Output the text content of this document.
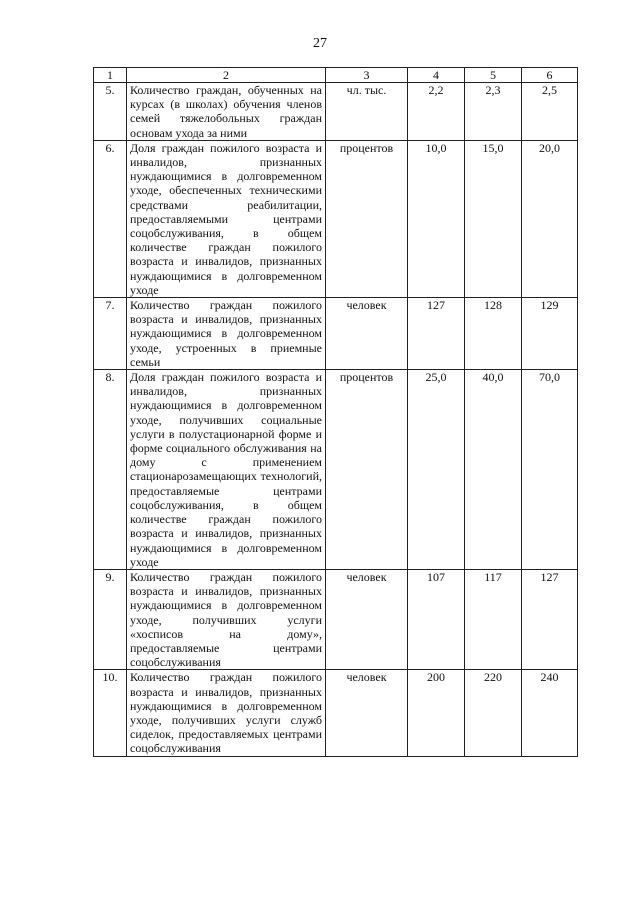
27
1	2	3	4	5	6
5.	Количество граждан, обученных на курсах (в школах) обучения членов семей тяжелобольных граждан основам ухода за ними	чл. тыс.	2,2	2,3	2,5
6.	Доля граждан пожилого возраста и инвалидов, признанных нуждающимися в долговременном уходе, обеспеченных техническими средствами реабилитации, предоставляемыми центрами соцобслуживания, в общем количестве граждан пожилого возраста и инвалидов, признанных нуждающимися в долговременном уходе	процентов	10,0	15,0	20,0
7.	Количество граждан пожилого возраста и инвалидов, признанных нуждающимися в долговременном уходе, устроенных в приемные семьи	человек	127	128	129
8.	Доля граждан пожилого возраста и инвалидов, признанных нуждающимися в долговременном уходе, получивших социальные услуги в полустационарной форме и форме социального обслуживания на дому с применением стационарозамещающих технологий, предоставляемые центрами соцобслуживания, в общем количестве граждан пожилого возраста и инвалидов, признанных нуждающимися в долговременном уходе	процентов	25,0	40,0	70,0
9.	Количество граждан пожилого возраста и инвалидов, признанных нуждающимися в долговременном уходе, получивших услуги «хосписов на дому», предоставляемые центрами соцобслуживания	человек	107	117	127
10.	Количество граждан пожилого возраста и инвалидов, признанных нуждающимися в долговременном уходе, получивших услуги служб сиделок, предоставляемых центрами соцобслуживания	человек	200	220	240
